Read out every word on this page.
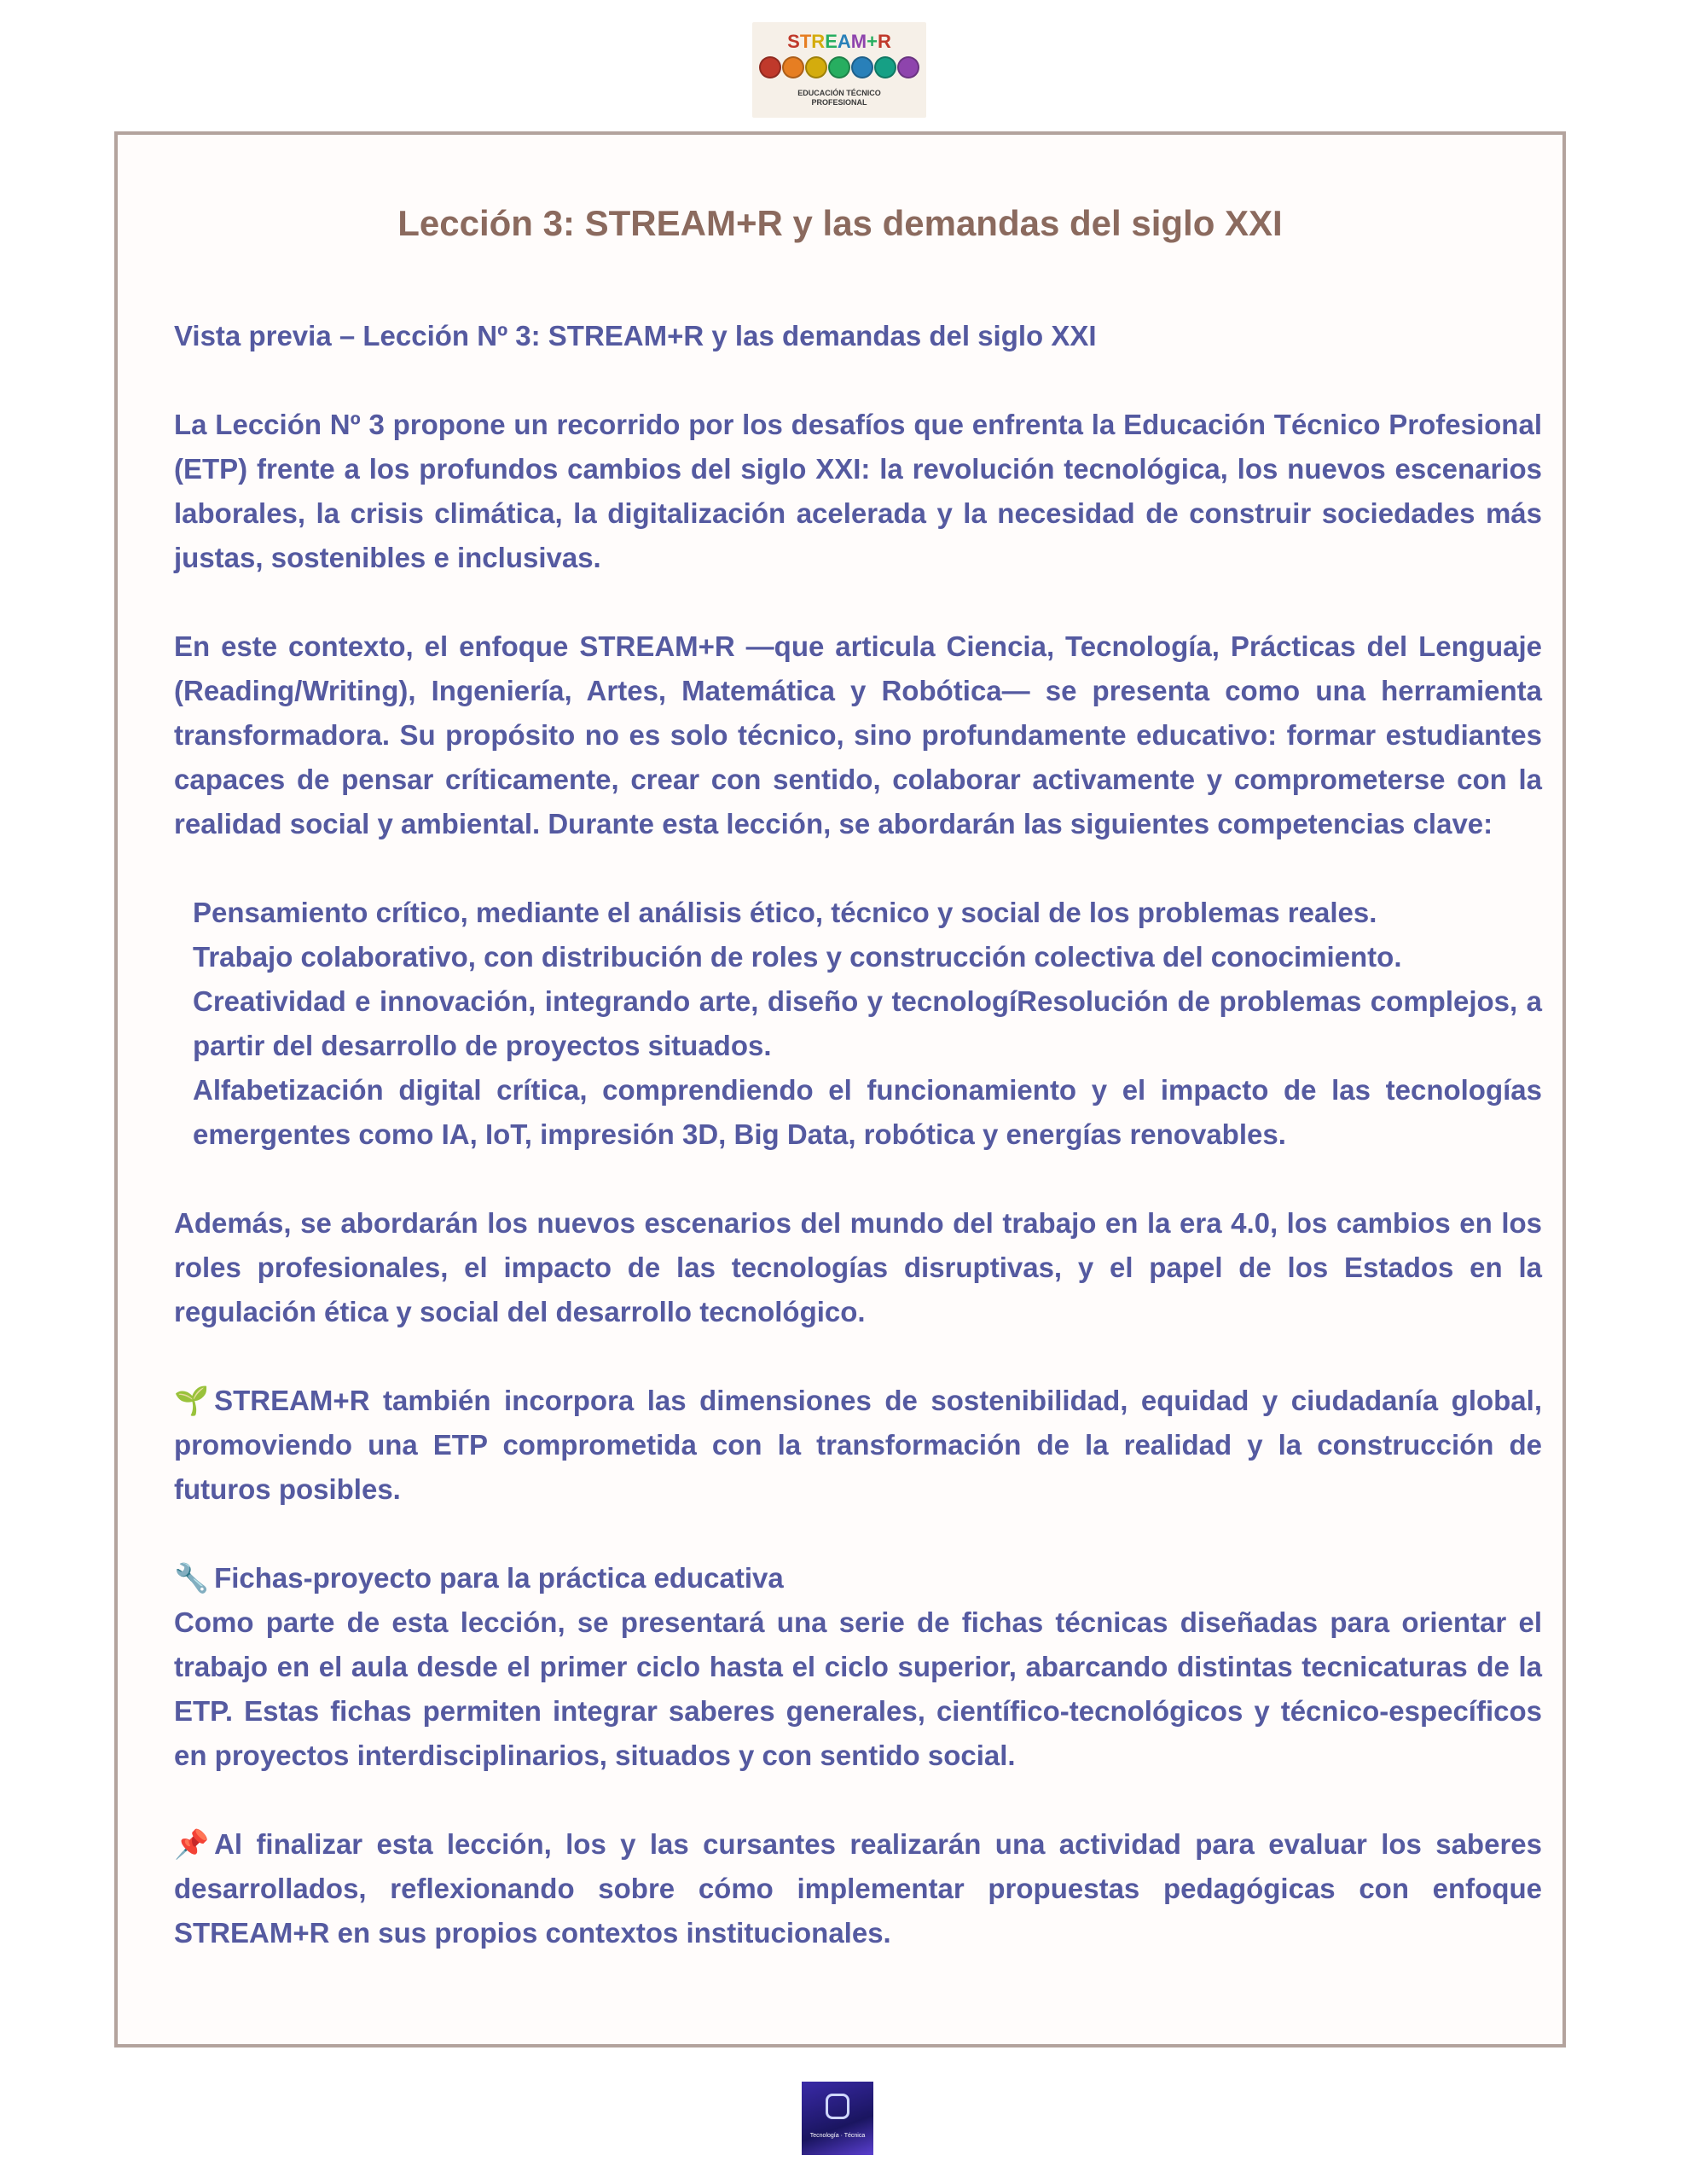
STREAM+R
EDUCACIÓN TÉCNICO
PROFESIONAL
Lección 3: STREAM+R y las demandas del siglo XXI

Vista previa – Lección Nº 3: STREAM+R y las demandas del siglo XXI

La Lección Nº 3 propone un recorrido por los desafíos que enfrenta la Educación Técnico Profesional (ETP) frente a los profundos cambios del siglo XXI: la revolución tecnológica, los nuevos escenarios laborales, la crisis climática, la digitalización acelerada y la necesidad de construir sociedades más justas, sostenibles e inclusivas.

En este contexto, el enfoque STREAM+R —que articula Ciencia, Tecnología, Prácticas del Lenguaje (Reading/Writing), Ingeniería, Artes, Matemática y Robótica— se presenta como una herramienta transformadora. Su propósito no es solo técnico, sino profundamente educativo: formar estudiantes capaces de pensar críticamente, crear con sentido, colaborar activamente y comprometerse con la realidad social y ambiental. Durante esta lección, se abordarán las siguientes competencias clave:

Pensamiento crítico, mediante el análisis ético, técnico y social de los problemas reales.
Trabajo colaborativo, con distribución de roles y construcción colectiva del conocimiento.
Creatividad e innovación, integrando arte, diseño y tecnologíResolución de problemas complejos, a partir del desarrollo de proyectos situados.
Alfabetización digital crítica, comprendiendo el funcionamiento y el impacto de las tecnologías emergentes como IA, IoT, impresión 3D, Big Data, robótica y energías renovables.

Además, se abordarán los nuevos escenarios del mundo del trabajo en la era 4.0, los cambios en los roles profesionales, el impacto de las tecnologías disruptivas, y el papel de los Estados en la regulación ética y social del desarrollo tecnológico.

🌱 STREAM+R también incorpora las dimensiones de sostenibilidad, equidad y ciudadanía global, promoviendo una ETP comprometida con la transformación de la realidad y la construcción de futuros posibles.

🔧 Fichas-proyecto para la práctica educativa

Como parte de esta lección, se presentará una serie de fichas técnicas diseñadas para orientar el trabajo en el aula desde el primer ciclo hasta el ciclo superior, abarcando distintas tecnicaturas de la ETP. Estas fichas permiten integrar saberes generales, científico-tecnológicos y técnico-específicos en proyectos interdisciplinarios, situados y con sentido social.

📌 Al finalizar esta lección, los y las cursantes realizarán una actividad para evaluar los saberes desarrollados, reflexionando sobre cómo implementar propuestas pedagógicas con enfoque STREAM+R en sus propios contextos institucionales.

Tecnología · Técnica
